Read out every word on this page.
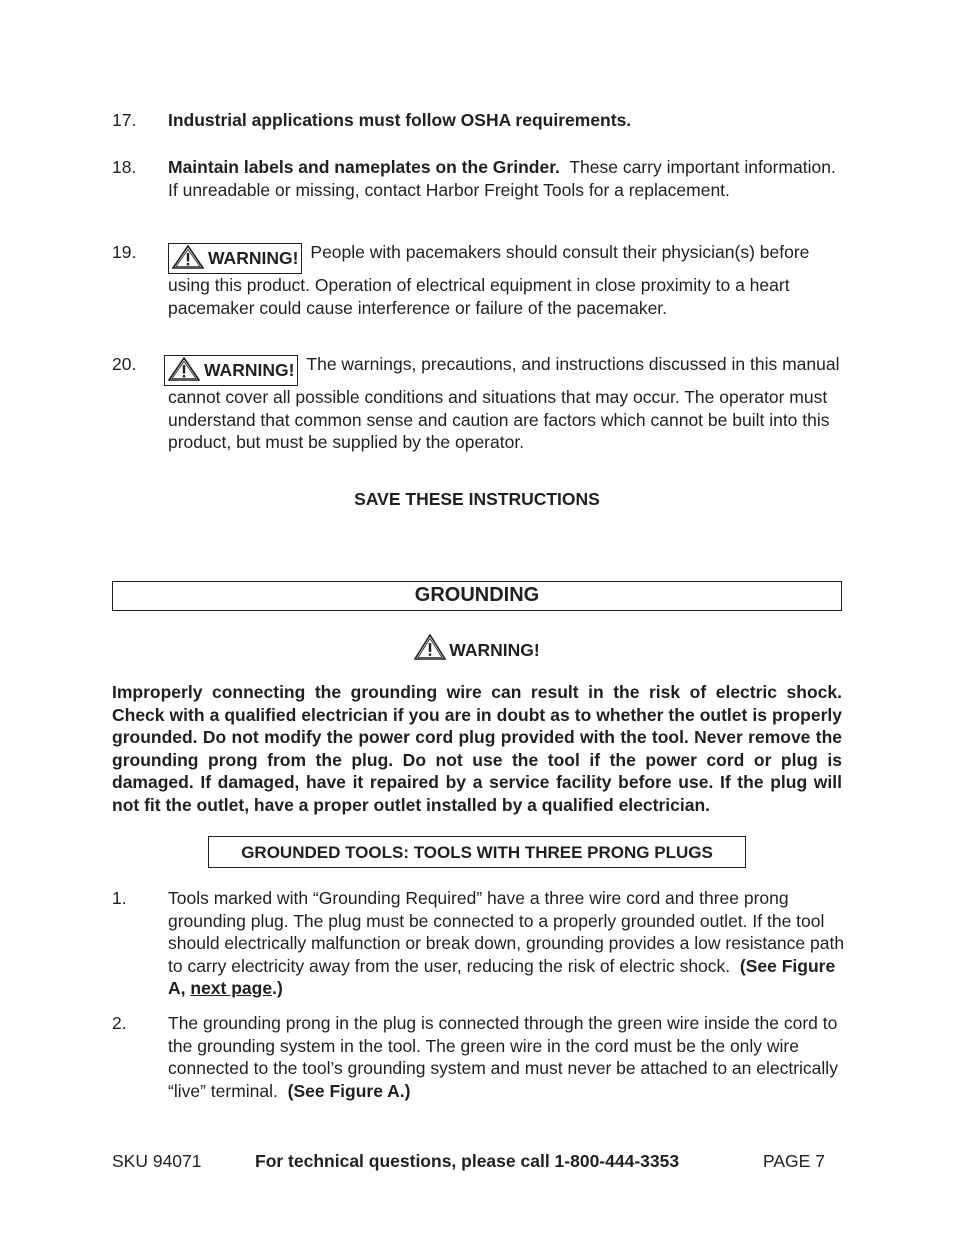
17. Industrial applications must follow OSHA requirements.
18. Maintain labels and nameplates on the Grinder. These carry important information. If unreadable or missing, contact Harbor Freight Tools for a replacement.
19.	WARNING! People with pacemakers should consult their physician(s) before using this product. Operation of electrical equipment in close proximity to a heart pacemaker could cause interference or failure of the pacemaker.
20.	WARNING! The warnings, precautions, and instructions discussed in this manual cannot cover all possible conditions and situations that may occur. The operator must understand that common sense and caution are factors which cannot be built into this product, but must be supplied by the operator.
SAVE THESE INSTRUCTIONS
GROUNDING
WARNING!
Improperly connecting the grounding wire can result in the risk of electric shock. Check with a qualified electrician if you are in doubt as to whether the outlet is properly grounded. Do not modify the power cord plug provided with the tool. Never remove the grounding prong from the plug. Do not use the tool if the power cord or plug is damaged. If damaged, have it repaired by a service facility before use. If the plug will not fit the outlet, have a proper outlet installed by a qualified electrician.
GROUNDED TOOLS: TOOLS WITH THREE PRONG PLUGS
1. Tools marked with “Grounding Required” have a three wire cord and three prong grounding plug. The plug must be connected to a properly grounded outlet. If the tool should electrically malfunction or break down, grounding provides a low resistance path to carry electricity away from the user, reducing the risk of electric shock. (See Figure A, next page.)
2. The grounding prong in the plug is connected through the green wire inside the cord to the grounding system in the tool. The green wire in the cord must be the only wire connected to the tool’s grounding system and must never be attached to an electrically “live” terminal. (See Figure A.)
SKU 94071	For technical questions, please call 1-800-444-3353	PAGE 7
